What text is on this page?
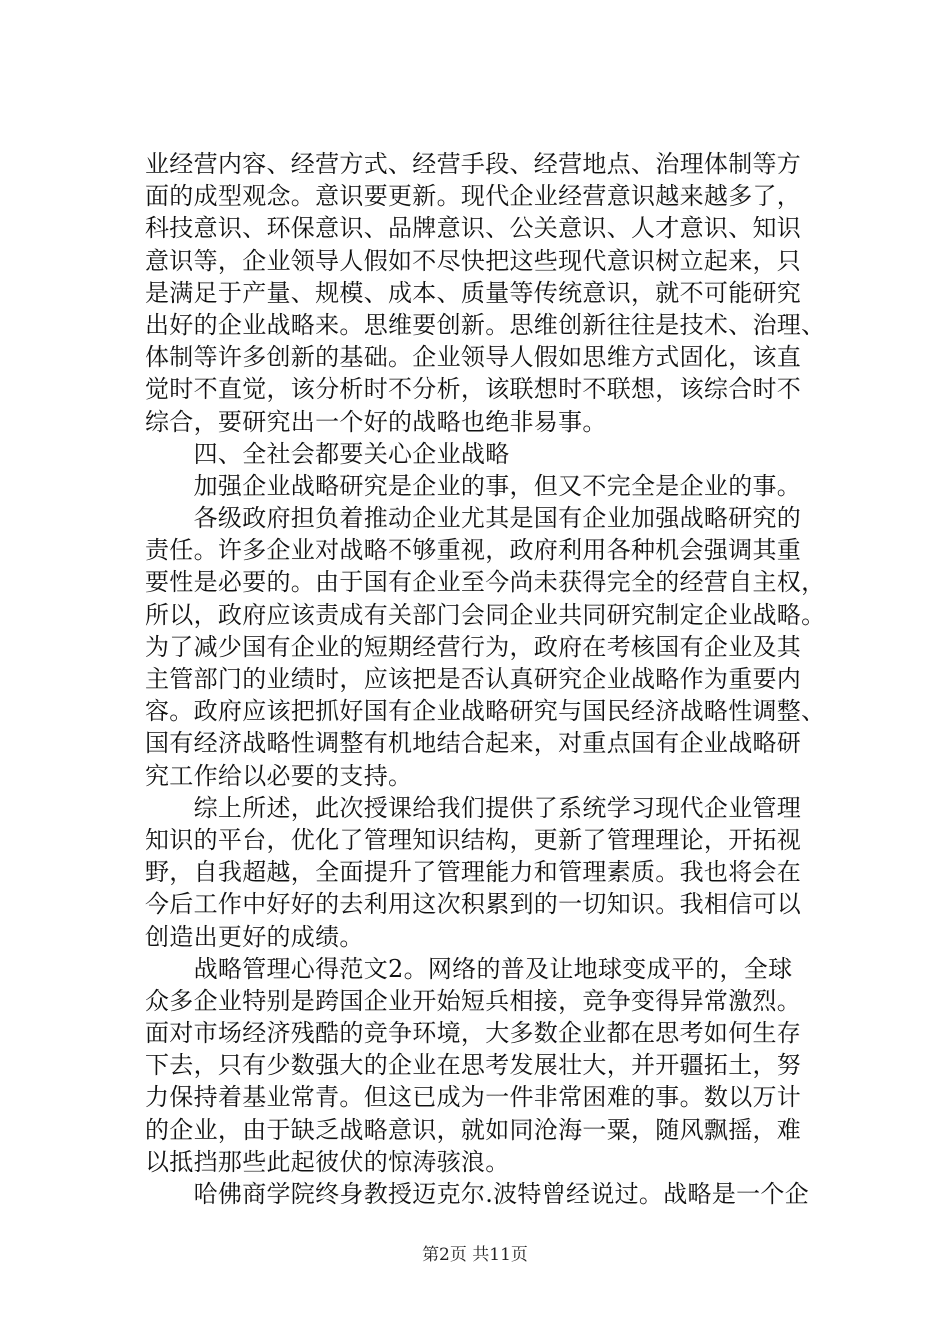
业经营内容、经营方式、经营手段、经营地点、治理体制等方
面的成型观念。意识要更新。现代企业经营意识越来越多了，
科技意识、环保意识、品牌意识、公关意识、人才意识、知识
意识等，企业领导人假如不尽快把这些现代意识树立起来，只
是满足于产量、规模、成本、质量等传统意识，就不可能研究
出好的企业战略来。思维要创新。思维创新往往是技术、治理、
体制等许多创新的基础。企业领导人假如思维方式固化，该直
觉时不直觉，该分析时不分析，该联想时不联想，该综合时不
综合，要研究出一个好的战略也绝非易事。
　　四、全社会都要关心企业战略
　　加强企业战略研究是企业的事，但又不完全是企业的事。
　　各级政府担负着推动企业尤其是国有企业加强战略研究的
责任。许多企业对战略不够重视，政府利用各种机会强调其重
要性是必要的。由于国有企业至今尚未获得完全的经营自主权，
所以，政府应该责成有关部门会同企业共同研究制定企业战略。
为了减少国有企业的短期经营行为，政府在考核国有企业及其
主管部门的业绩时，应该把是否认真研究企业战略作为重要内
容。政府应该把抓好国有企业战略研究与国民经济战略性调整、
国有经济战略性调整有机地结合起来，对重点国有企业战略研
究工作给以必要的支持。
　　综上所述，此次授课给我们提供了系统学习现代企业管理
知识的平台，优化了管理知识结构，更新了管理理论，开拓视
野，自我超越，全面提升了管理能力和管理素质。我也将会在
今后工作中好好的去利用这次积累到的一切知识。我相信可以
创造出更好的成绩。
　　战略管理心得范文2。网络的普及让地球变成平的，全球
众多企业特别是跨国企业开始短兵相接，竞争变得异常激烈。
面对市场经济残酷的竞争环境，大多数企业都在思考如何生存
下去，只有少数强大的企业在思考发展壮大，并开疆拓土，努
力保持着基业常青。但这已成为一件非常困难的事。数以万计
的企业，由于缺乏战略意识，就如同沧海一粟，随风飘摇，难
以抵挡那些此起彼伏的惊涛骇浪。
　　哈佛商学院终身教授迈克尔.波特曾经说过。战略是一个企
第2页 共11页
